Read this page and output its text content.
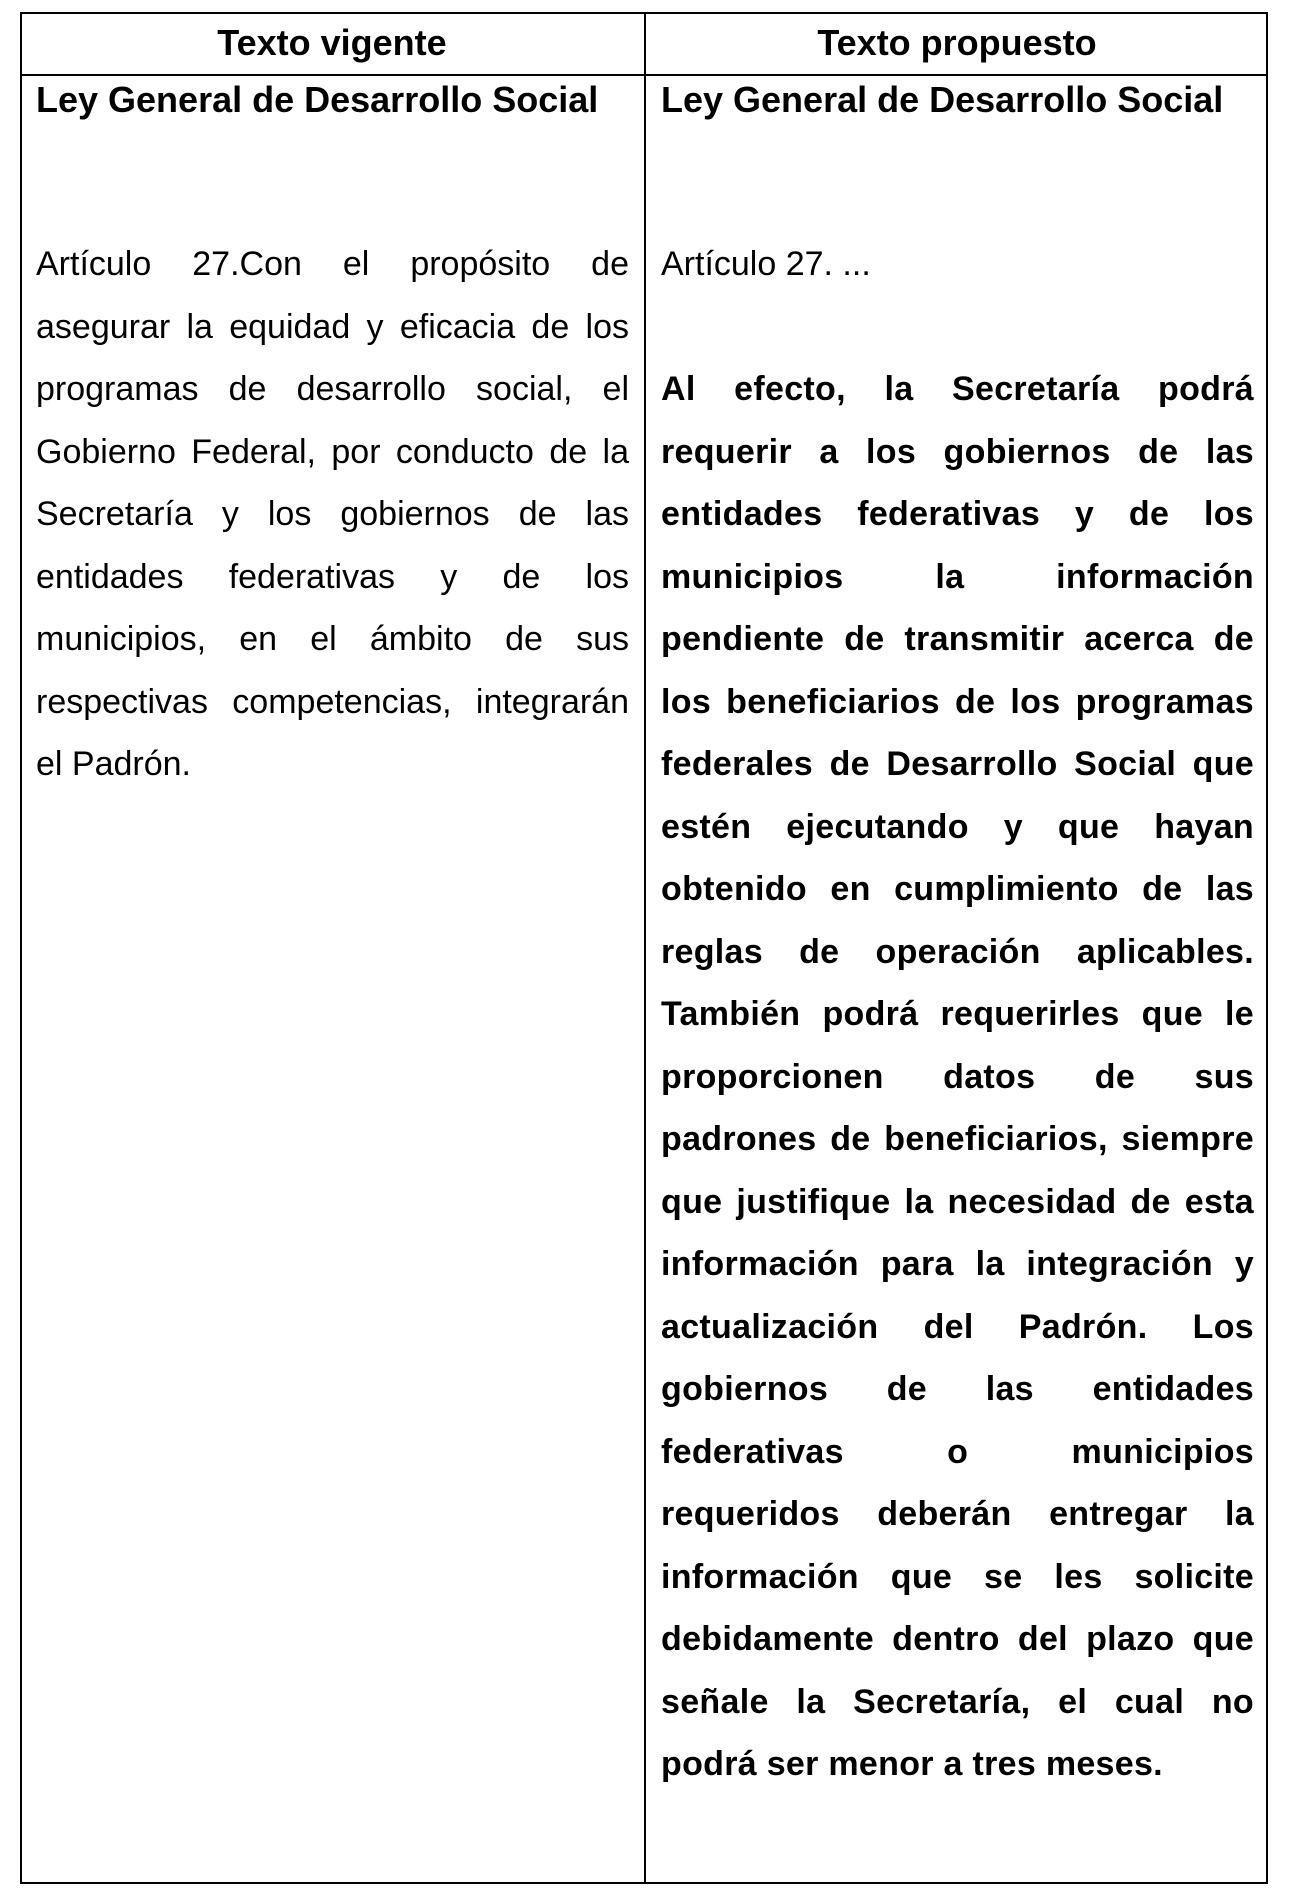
Texto vigente	Texto propuesto

Ley General de Desarrollo Social

Artículo 27.Con el propósito de asegurar la equidad y eficacia de los programas de desarrollo social, el Gobierno Federal, por conducto de la Secretaría y los gobiernos de las entidades federativas y de los municipios, en el ámbito de sus respectivas competencias, integrarán el Padrón.

Ley General de Desarrollo Social

Artículo 27. ...

Al efecto, la Secretaría podrá requerir a los gobiernos de las entidades federativas y de los municipios la información pendiente de transmitir acerca de los beneficiarios de los programas federales de Desarrollo Social que estén ejecutando y que hayan obtenido en cumplimiento de las reglas de operación aplicables. También podrá requerirles que le proporcionen datos de sus padrones de beneficiarios, siempre que justifique la necesidad de esta información para la integración y actualización del Padrón. Los gobiernos de las entidades federativas o municipios requeridos deberán entregar la información que se les solicite debidamente dentro del plazo que señale la Secretaría, el cual no podrá ser menor a tres meses.
